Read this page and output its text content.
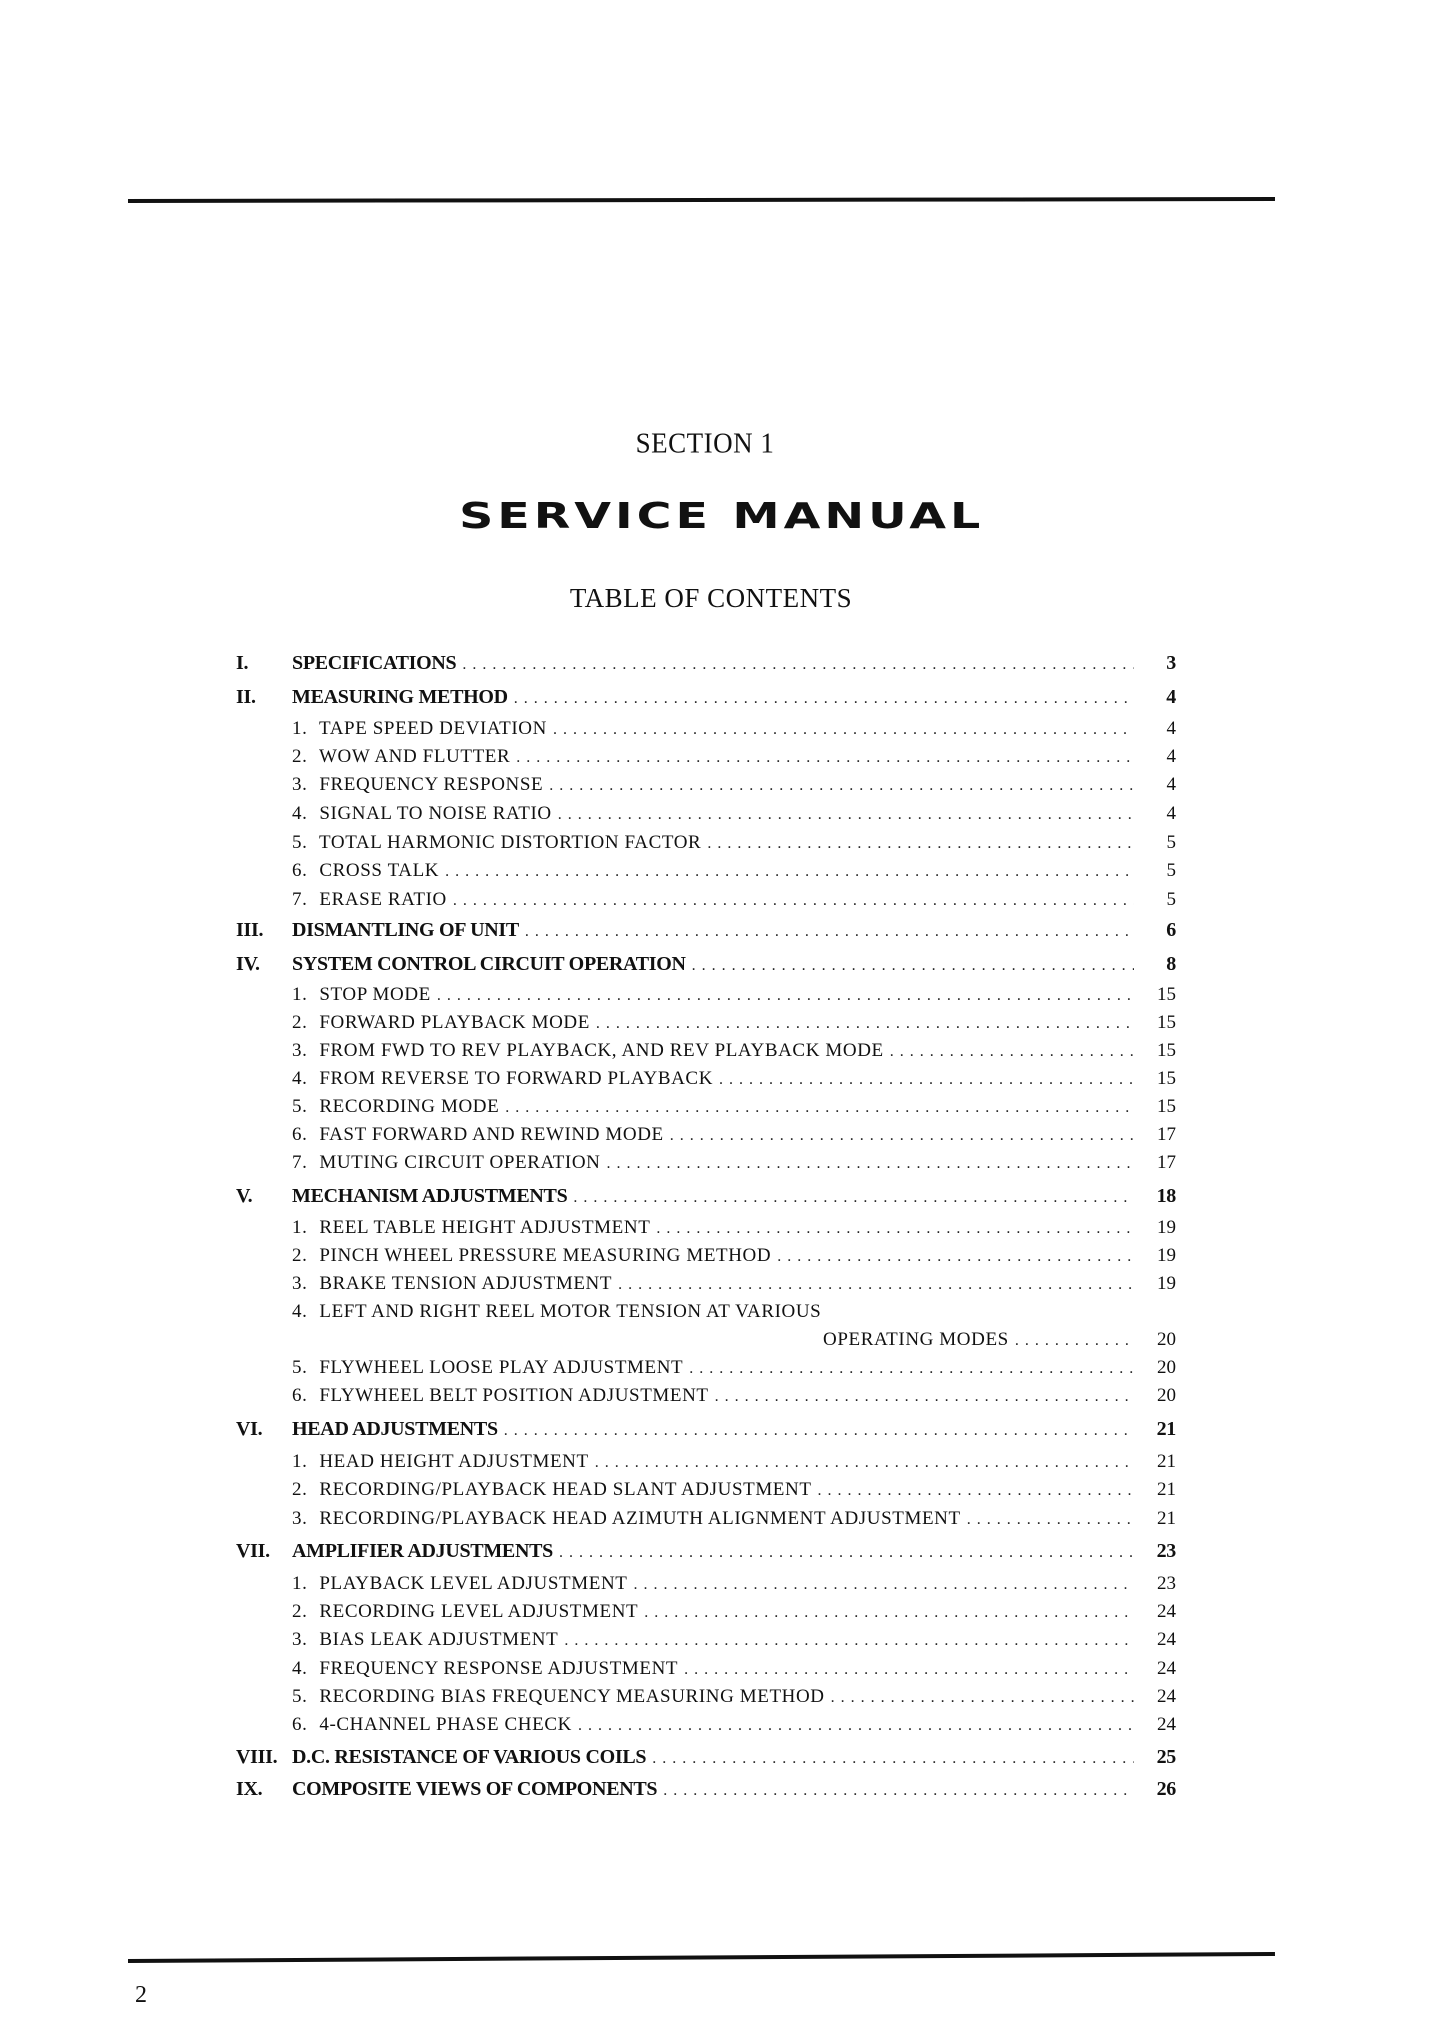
SECTION 1
SERVICE MANUAL
TABLE OF CONTENTS
I.	SPECIFICATIONS . . .	3
II.	MEASURING METHOD . . .	4
1. TAPE SPEED DEVIATION . . .	4
2. WOW AND FLUTTER . . .	4
3. FREQUENCY RESPONSE . . .	4
4. SIGNAL TO NOISE RATIO . . .	4
5. TOTAL HARMONIC DISTORTION FACTOR . . .	5
6. CROSS TALK . . .	5
7. ERASE RATIO . . .	5
III.	DISMANTLING OF UNIT . . .	6
IV.	SYSTEM CONTROL CIRCUIT OPERATION . . .	8
1. STOP MODE . . .	15
2. FORWARD PLAYBACK MODE . . .	15
3. FROM FWD TO REV PLAYBACK, AND REV PLAYBACK MODE . . .	15
4. FROM REVERSE TO FORWARD PLAYBACK . . .	15
5. RECORDING MODE . . .	15
6. FAST FORWARD AND REWIND MODE . . .	17
7. MUTING CIRCUIT OPERATION . . .	17
V.	MECHANISM ADJUSTMENTS . . .	18
1. REEL TABLE HEIGHT ADJUSTMENT . . .	19
2. PINCH WHEEL PRESSURE MEASURING METHOD . . .	19
3. BRAKE TENSION ADJUSTMENT . . .	19
4. LEFT AND RIGHT REEL MOTOR TENSION AT VARIOUS
OPERATING MODES . . .	20
5. FLYWHEEL LOOSE PLAY ADJUSTMENT . . .	20
6. FLYWHEEL BELT POSITION ADJUSTMENT . . .	20
VI.	HEAD ADJUSTMENTS . . .	21
1. HEAD HEIGHT ADJUSTMENT . . .	21
2. RECORDING/PLAYBACK HEAD SLANT ADJUSTMENT . . .	21
3. RECORDING/PLAYBACK HEAD AZIMUTH ALIGNMENT ADJUSTMENT . . .	21
VII.	AMPLIFIER ADJUSTMENTS . . .	23
1. PLAYBACK LEVEL ADJUSTMENT . . .	23
2. RECORDING LEVEL ADJUSTMENT . . .	24
3. BIAS LEAK ADJUSTMENT . . .	24
4. FREQUENCY RESPONSE ADJUSTMENT . . .	24
5. RECORDING BIAS FREQUENCY MEASURING METHOD . . .	24
6. 4-CHANNEL PHASE CHECK . . .	24
VIII. D.C. RESISTANCE OF VARIOUS COILS . . .	25
IX.	COMPOSITE VIEWS OF COMPONENTS . . .	26
2
